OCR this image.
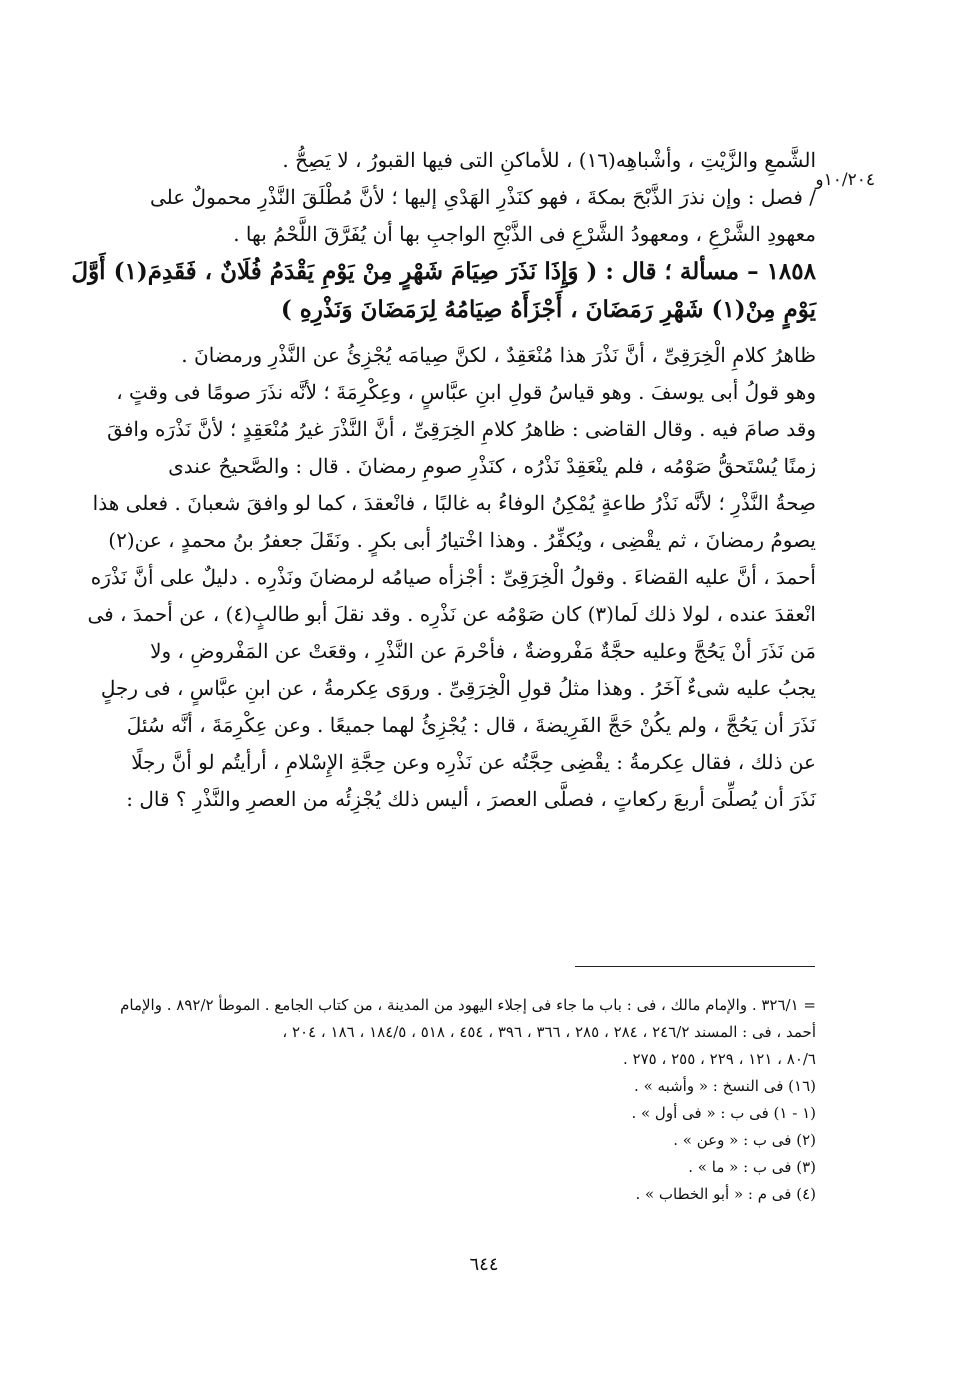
١٠/٢٠٤و
الشَّمعِ والزَّيْتِ ، وأشْباهِه(١٦) ، للأماكنِ التى فيها القبورُ ، لا يَصِحُّ .
/ فصل : وإن نذرَ الذَّبْحَ بمكةَ ، فهو كنَذْرِ الهَدْىِ إليها ؛ لأنَّ مُطْلَقَ النَّذْرِ محمولٌ على
معهودِ الشَّرْعِ ، ومعهودُ الشَّرْعِ فى الذَّبْحِ الواجبِ بها أن يُفَرَّقَ اللَّحْمُ بها .
١٨٥٨ – مسألة ؛ قال : ( وَإِذَا نَذَرَ صِيَامَ شَهْرٍ مِنْ يَوْمِ يَقْدَمُ فُلَانٌ ، فَقَدِمَ(١) أَوَّلَ
يَوْمٍ مِنْ(١) شَهْرِ رَمَضَانَ ، أَجْزَأَهُ صِيَامُهُ لِرَمَضَانَ وَنَذْرِهِ )
ظاهرُ كلامِ الْخِرَقِىِّ ، أنَّ نَذْرَ هذا مُنْعَقِدٌ ، لكنَّ صِيامَه يُجْزِئُ عن النَّذْرِ ورمضانَ .
وهو قولُ أبى يوسفَ . وهو قياسُ قولِ ابنِ عبَّاسٍ ، وعِكْرِمَةَ ؛ لأنَّه نذَرَ صومًا فى وقتٍ ،
وقد صامَ فيه . وقال القاضى : ظاهرُ كلامِ الخِرَقِىِّ ، أنَّ النَّذْرَ غيرُ مُنْعَقِدٍ ؛ لأنَّ نَذْرَه وافقَ
زمنًا يُسْتَحقُّ صَوْمُه ، فلم ينْعَقِدْ نَذْرُه ، كنَذْرِ صومِ رمضانَ . قال : والصَّحيحُ عندى
صِحةُ النَّذْرِ ؛ لأنَّه نَذْرُ طاعةٍ يُمْكِنُ الوفاءُ به غالبًا ، فانْعقدَ ، كما لو وافقَ شعبانَ . فعلى هذا
يصومُ رمضانَ ، ثم يقْضِى ، ويُكفِّرُ . وهذا اخْتيارُ أبى بكرٍ . ونَقَلَ جعفرُ بنُ محمدٍ ، عن(٢)
أحمدَ ، أنَّ عليه القضاءَ . وقولُ الْخِرَقِىِّ : أجْزأه صيامُه لرمضانَ ونَذْرِه . دليلٌ على أنَّ نَذْرَه
انْعقدَ عنده ، لولا ذلك لَما(٣) كان صَوْمُه عن نَذْرِه . وقد نقلَ أبو طالبٍ(٤) ، عن أحمدَ ، فى
مَن نَذَرَ أنْ يَحُجَّ وعليه حجَّةٌ مَفْروضةٌ ، فأحْرمَ عن النَّذْرِ ، وقعَتْ عن المَفْروضِ ، ولا
يجبُ عليه شىءٌ آخَرُ . وهذا مثلُ قولِ الْخِرَقِىِّ . وروَى عِكرمةُ ، عن ابنِ عبَّاسٍ ، فى رجلٍ
نَذَرَ أن يَحُجَّ ، ولم يكُنْ حَجَّ الفَرِيضةَ ، قال : يُجْزِئُ لهما جميعًا . وعن عِكْرِمَةَ ، أنَّه سُئلَ
عن ذلك ، فقال عِكرمةُ : يقْضِى حِجَّتُه عن نَذْرِه وعن حِجَّةِ الإِسْلامِ ، أرأيتُم لو أنَّ رجلًا
نَذَرَ أن يُصلِّىَ أربعَ ركعاتٍ ، فصلَّى العصرَ ، أليس ذلك يُجْزِئُه من العصرِ والنَّذْرِ ؟ قال :
= ٣٢٦/١ . والإمام مالك ، فى : باب ما جاء فى إجلاء اليهود من المدينة ، من كتاب الجامع . الموطأ ٨٩٢/٢ . والإمام
أحمد ، فى : المسند ٢٤٦/٢ ، ٢٨٤ ، ٢٨٥ ، ٣٦٦ ، ٣٩٦ ، ٤٥٤ ، ٥١٨ ، ١٨٤/٥ ، ١٨٦ ، ٢٠٤ ،
٨٠/٦ ، ١٢١ ، ٢٢٩ ، ٢٥٥ ، ٢٧٥ .
(١٦) فى النسخ : « وأشبه » .
(١ - ١) فى ب : « فى أول » .
(٢) فى ب : « وعن » .
(٣) فى ب : « ما » .
(٤) فى م : « أبو الخطاب » .
٦٤٤
